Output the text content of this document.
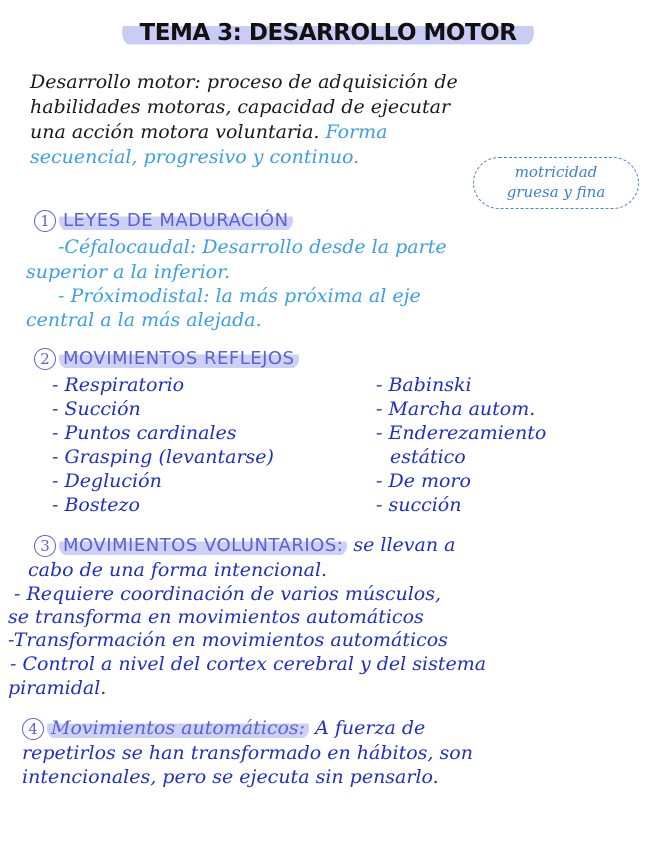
TEMA 3: DESARROLLO MOTOR
Desarrollo motor: proceso de adquisición de
habilidades motoras, capacidad de ejecutar
una acción motora voluntaria. Forma
secuencial, progresivo y continuo.
motricidad
gruesa y fina
1 LEYES DE MADURACIÓN
-Céfalocaudal: Desarrollo desde la parte
superior a la inferior.
- Próximodistal: la más próxima al eje
central a la más alejada.
2 MOVIMIENTOS REFLEJOS
- Respiratorio
- Succión
- Puntos cardinales
- Grasping (levantarse)
- Deglución
- Bostezo
- Babinski
- Marcha autom.
- Enderezamiento
estático
- De moro
- succión
3 MOVIMIENTOS VOLUNTARIOS: se llevan a
cabo de una forma intencional.
- Requiere coordinación de varios músculos,
se transforma en movimientos automáticos
-Transformación en movimientos automáticos
- Control a nivel del cortex cerebral y del sistema
piramidal.
4 Movimientos automáticos: A fuerza de
repetirlos se han transformado en hábitos, son
intencionales, pero se ejecuta sin pensarlo.
